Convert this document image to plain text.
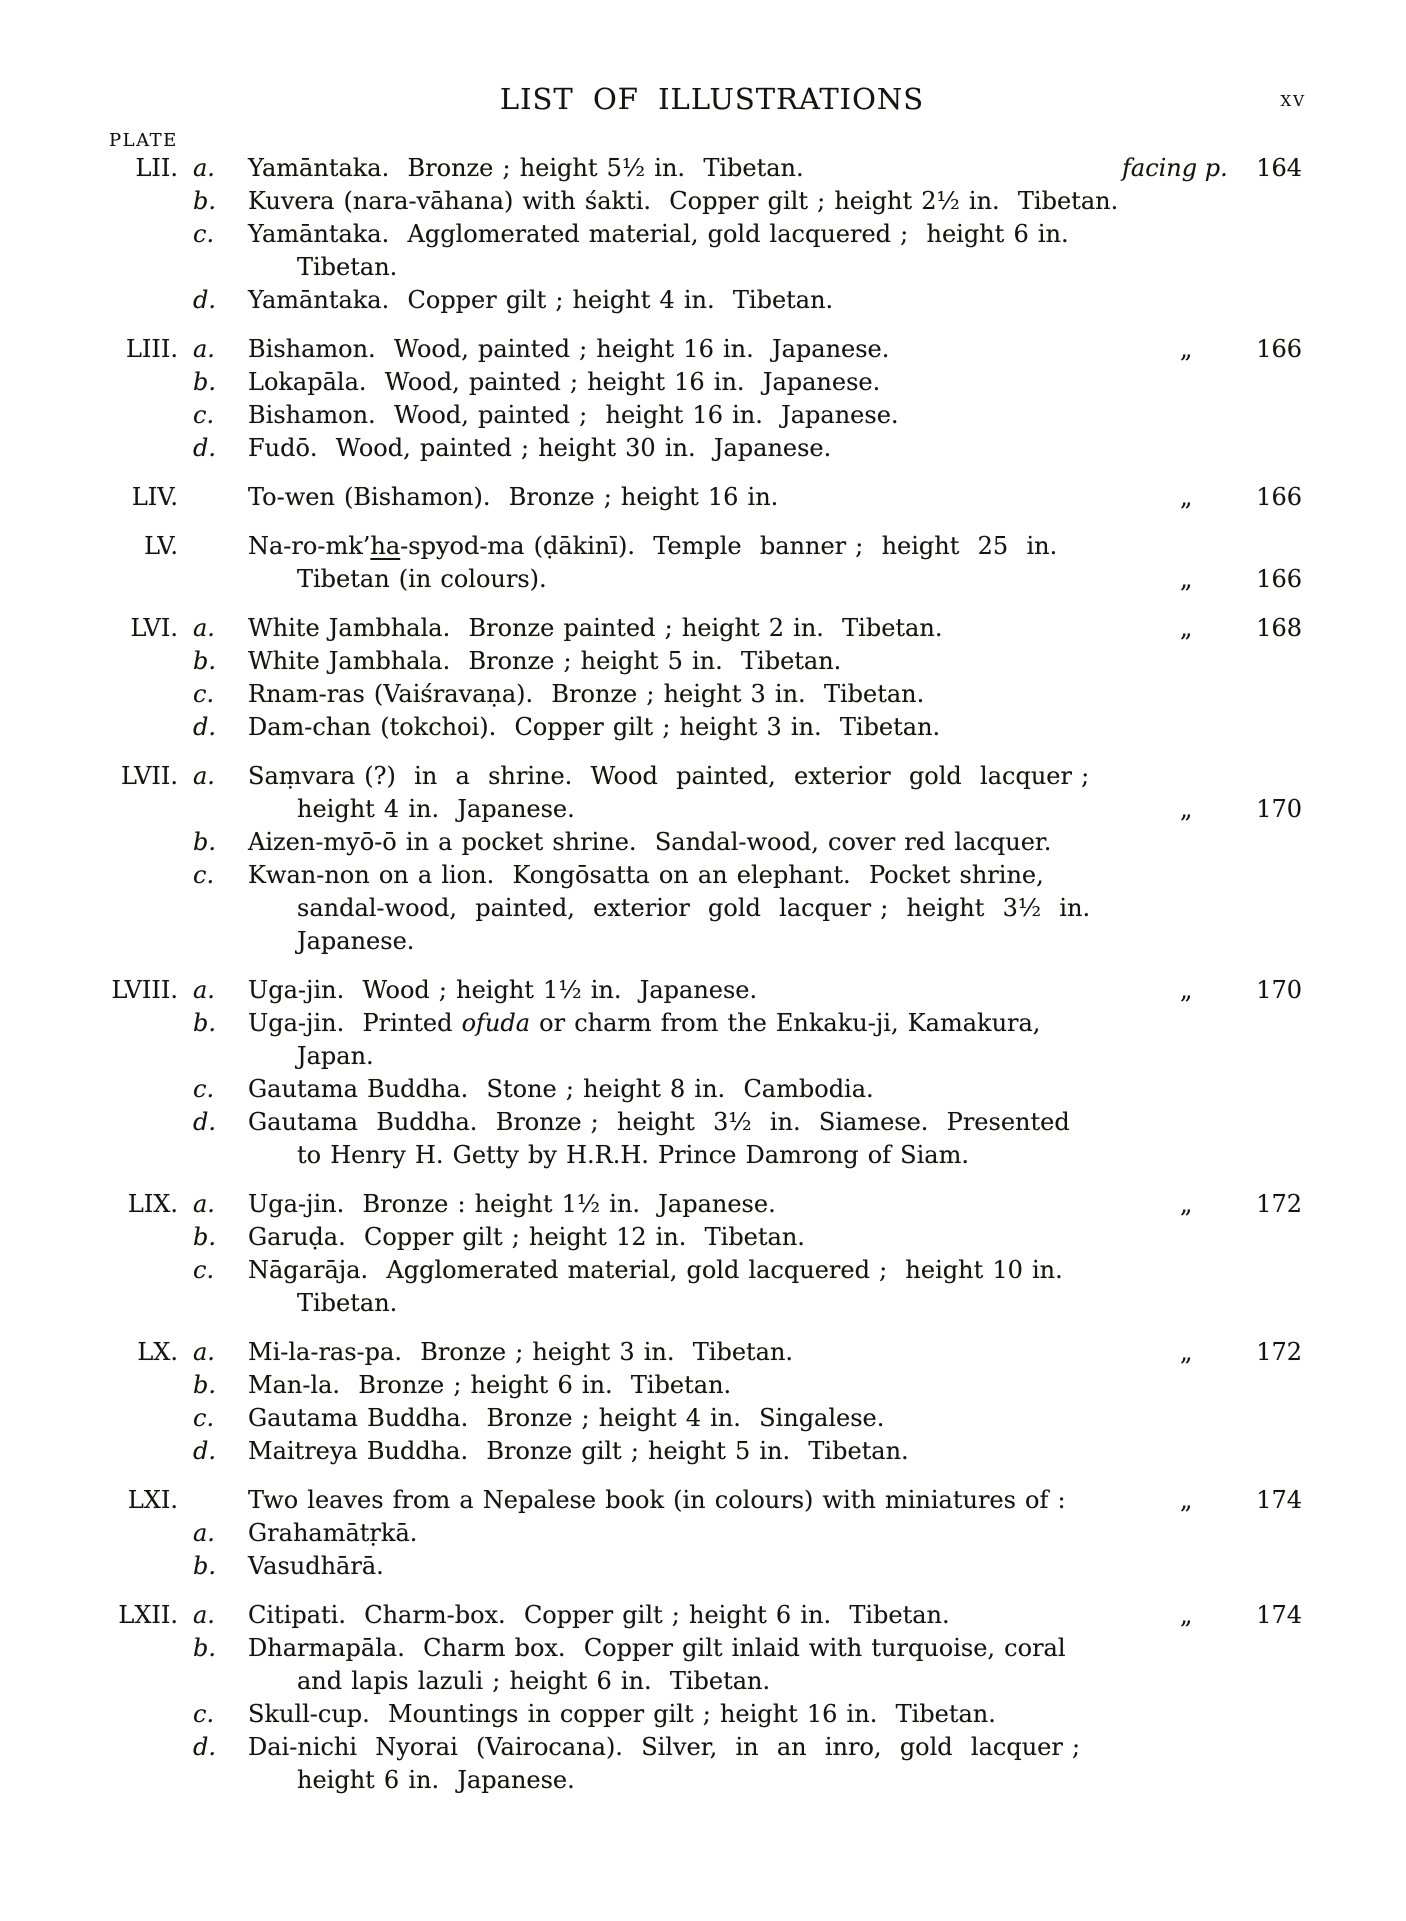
LIST OF ILLUSTRATIONS	xv
PLATE
LII. a.	Yamāntaka.  Bronze ; height 5½ in.  Tibetan.	facing p. 164
b.	Kuvera (nara-vāhana) with śakti.  Copper gilt ; height 2½ in.  Tibetan.
c.	Yamāntaka.  Agglomerated material, gold lacquered ;  height 6 in.
Tibetan.
d.	Yamāntaka.  Copper gilt ; height 4 in.  Tibetan.
LIII. a.	Bishamon.  Wood, painted ; height 16 in.  Japanese.	„	166
b.	Lokapāla.  Wood, painted ; height 16 in.  Japanese.
c.	Bishamon.  Wood, painted ;  height 16 in.  Japanese.
d.	Fudō.  Wood, painted ; height 30 in.  Japanese.
LIV.	To-wen (Bishamon).  Bronze ; height 16 in.	„	166
LV.	Na-ro-mk’ha-spyod-ma (ḍākinī).  Temple  banner ;  height  25  in.
Tibetan (in colours).	„	166
LVI. a.	White Jambhala.  Bronze painted ; height 2 in.  Tibetan.	„	168
b.	White Jambhala.  Bronze ; height 5 in.  Tibetan.
c.	Rnam-ras (Vaiśravaṇa).  Bronze ; height 3 in.  Tibetan.
d.	Dam-chan (tokchoi).  Copper gilt ; height 3 in.  Tibetan.
LVII. a.	Saṃvara (?)  in  a  shrine.  Wood  painted,  exterior  gold  lacquer ;
height 4 in.  Japanese.	„	170
b.	Aizen-myō-ō in a pocket shrine.  Sandal-wood, cover red lacquer.
c.	Kwan-non on a lion.  Kongōsatta on an elephant.  Pocket shrine,
sandal-wood,  painted,  exterior  gold  lacquer ;  height  3½  in.
Japanese.
LVIII. a.	Uga-jin.  Wood ; height 1½ in.  Japanese.	„	170
b.	Uga-jin.  Printed ofuda or charm from the Enkaku-ji, Kamakura,
Japan.
c.	Gautama Buddha.  Stone ; height 8 in.  Cambodia.
d.	Gautama  Buddha.  Bronze ;  height  3½  in.  Siamese.  Presented
to Henry H. Getty by H.R.H. Prince Damrong of Siam.
LIX. a.	Uga-jin.  Bronze : height 1½ in.  Japanese.	„	172
b.	Garuḍa.  Copper gilt ; height 12 in.  Tibetan.
c.	Nāgarāja.  Agglomerated material, gold lacquered ;  height 10 in.
Tibetan.
LX. a.	Mi-la-ras-pa.  Bronze ; height 3 in.  Tibetan.	„	172
b.	Man-la.  Bronze ; height 6 in.  Tibetan.
c.	Gautama Buddha.  Bronze ; height 4 in.  Singalese.
d.	Maitreya Buddha.  Bronze gilt ; height 5 in.  Tibetan.
LXI.	Two leaves from a Nepalese book (in colours) with miniatures of :	„	174
a.	Grahamātṛkā.
b.	Vasudhārā.
LXII. a.	Citipati.  Charm-box.  Copper gilt ; height 6 in.  Tibetan.	„	174
b.	Dharmapāla.  Charm box.  Copper gilt inlaid with turquoise, coral
and lapis lazuli ; height 6 in.  Tibetan.
c.	Skull-cup.  Mountings in copper gilt ; height 16 in.  Tibetan.
d.	Dai-nichi  Nyorai  (Vairocana).  Silver,  in  an  inro,  gold  lacquer ;
height 6 in.  Japanese.
